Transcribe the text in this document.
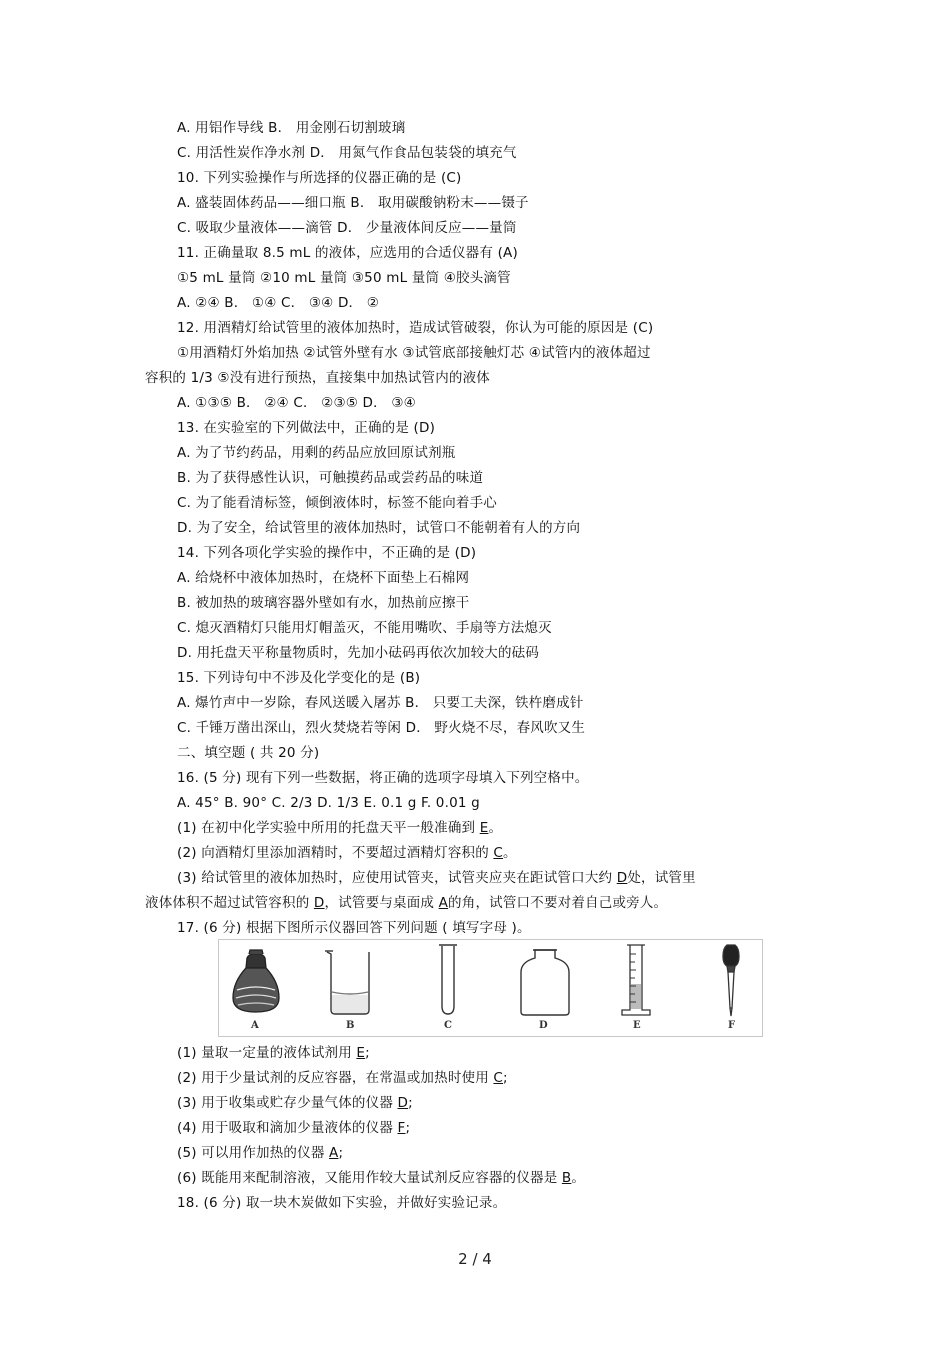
A. 用铝作导线 B． 用金刚石切割玻璃
C. 用活性炭作净水剂 D． 用氮气作食品包装袋的填充气
10. 下列实验操作与所选择的仪器正确的是 (C)
A. 盛装固体药品——细口瓶 B． 取用碳酸钠粉末——镊子
C. 吸取少量液体——滴管 D． 少量液体间反应——量筒
11. 正确量取 8.5 mL 的液体，应选用的合适仪器有 (A)
①5 mL 量筒 ②10 mL 量筒 ③50 mL 量筒 ④胶头滴管
A. ②④ B． ①④ C． ③④ D． ②
12. 用酒精灯给试管里的液体加热时，造成试管破裂，你认为可能的原因是 (C)
①用酒精灯外焰加热 ②试管外壁有水 ③试管底部接触灯芯 ④试管内的液体超过
容积的 1/3 ⑤没有进行预热，直接集中加热试管内的液体
A. ①③⑤ B． ②④ C． ②③⑤ D． ③④
13. 在实验室的下列做法中，正确的是 (D)
A. 为了节约药品，用剩的药品应放回原试剂瓶
B. 为了获得感性认识，可触摸药品或尝药品的味道
C. 为了能看清标签，倾倒液体时，标签不能向着手心
D. 为了安全，给试管里的液体加热时，试管口不能朝着有人的方向
14. 下列各项化学实验的操作中，不正确的是 (D)
A. 给烧杯中液体加热时，在烧杯下面垫上石棉网
B. 被加热的玻璃容器外壁如有水，加热前应擦干
C. 熄灭酒精灯只能用灯帽盖灭，不能用嘴吹、手扇等方法熄灭
D. 用托盘天平称量物质时，先加小砝码再依次加较大的砝码
15. 下列诗句中不涉及化学变化的是 (B)
A. 爆竹声中一岁除，春风送暖入屠苏 B． 只要工夫深，铁杵磨成针
C. 千锤万凿出深山，烈火焚烧若等闲 D． 野火烧不尽，春风吹又生
二、填空题 ( 共 20 分)
16. (5 分) 现有下列一些数据，将正确的选项字母填入下列空格中。
A. 45° B. 90° C. 2/3 D. 1/3 E. 0.1 g F. 0.01 g
(1) 在初中化学实验中所用的托盘天平一般准确到 E。
(2) 向酒精灯里添加酒精时，不要超过酒精灯容积的 C。
(3) 给试管里的液体加热时，应使用试管夹，试管夹应夹在距试管口大约 D处，试管里
液体体积不超过试管容积的 D，试管要与桌面成 A的角，试管口不要对着自己或旁人。
17. (6 分) 根据下图所示仪器回答下列问题 ( 填写字母 )。
(1) 量取一定量的液体试剂用 E;
(2) 用于少量试剂的反应容器，在常温或加热时使用 C;
(3) 用于收集或贮存少量气体的仪器 D;
(4) 用于吸取和滴加少量液体的仪器 F;
(5) 可以用作加热的仪器 A;
(6) 既能用来配制溶液，又能用作较大量试剂反应容器的仪器是 B。
18. (6 分) 取一块木炭做如下实验，并做好实验记录。
A	B	C	D	E	F
2 / 4
